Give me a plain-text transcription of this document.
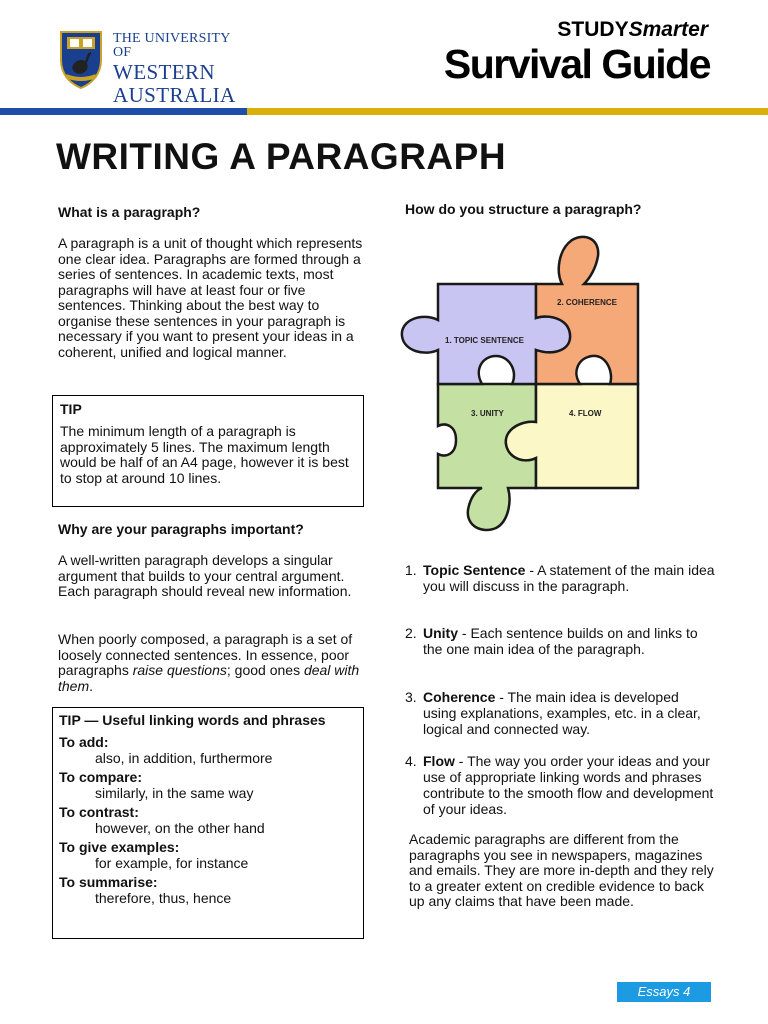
THE UNIVERSITY OF
WESTERN
AUSTRALIA
STUDYSmarter
Survival Guide
WRITING A PARAGRAPH
What is a paragraph?
A paragraph is a unit of thought which represents one clear idea. Paragraphs are formed through a series of sentences. In academic texts, most paragraphs will have at least four or five sentences. Thinking about the best way to organise these sentences in your paragraph is necessary if you want to present your ideas in a coherent, unified and logical manner.
TIP
The minimum length of a paragraph is approximately 5 lines. The maximum length would be half of an A4 page, however it is best to stop at around 10 lines.
Why are your paragraphs important?
A well-written paragraph develops a singular argument that builds to your central argument. Each paragraph should reveal new information.
When poorly composed, a paragraph is a set of loosely connected sentences. In essence, poor paragraphs raise questions; good ones deal with them.
TIP — Useful linking words and phrases
To add:
also, in addition, furthermore
To compare:
similarly, in the same way
To contrast:
however, on the other hand
To give examples:
for example, for instance
To summarise:
therefore, thus, hence
How do you structure a paragraph?
1. TOPIC SENTENCE
2. COHERENCE
3. UNITY	4. FLOW
1. Topic Sentence - A statement of the main idea you will discuss in the paragraph.
2. Unity - Each sentence builds on and links to the one main idea of the paragraph.
3. Coherence - The main idea is developed using explanations, examples, etc. in a clear, logical and connected way.
4. Flow - The way you order your ideas and your use of appropriate linking words and phrases contribute to the smooth flow and development of your ideas.
Academic paragraphs are different from the paragraphs you see in newspapers, magazines and emails. They are more in-depth and they rely to a greater extent on credible evidence to back up any claims that have been made.
Essays 4
